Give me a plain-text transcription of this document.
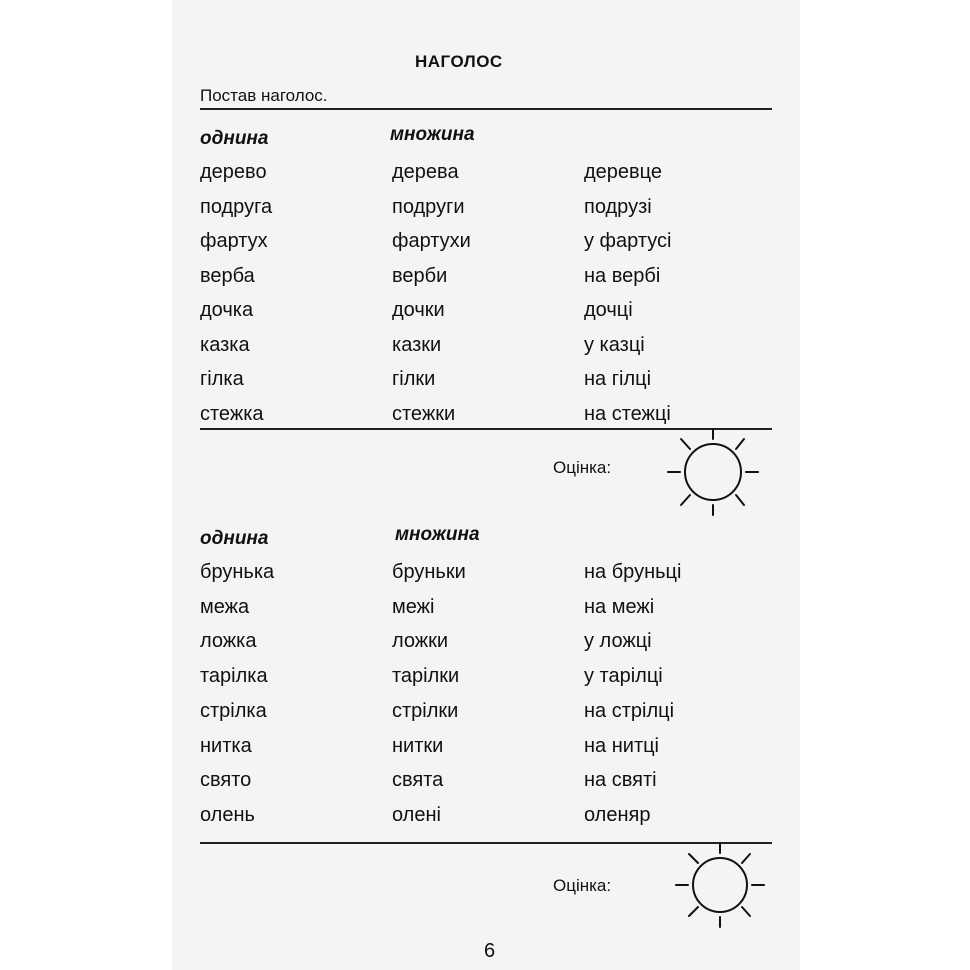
НАГОЛОС
Постав наголос.
однина	множина
дерево	дерева	деревце
подруга	подруги	подрузі
фартух	фартухи	у фартусі
верба	верби	на вербі
дочка	дочки	дочці
казка	казки	у казці
гілка	гілки	на гілці
стежка	стежки	на стежці
Оцінка:
однина	множина
брунька	бруньки	на бруньці
межа	межі	на межі
ложка	ложки	у ложці
тарілка	тарілки	у тарілці
стрілка	стрілки	на стрілці
нитка	нитки	на нитці
свято	свята	на святі
олень	олені	оленяр
Оцінка:
6
